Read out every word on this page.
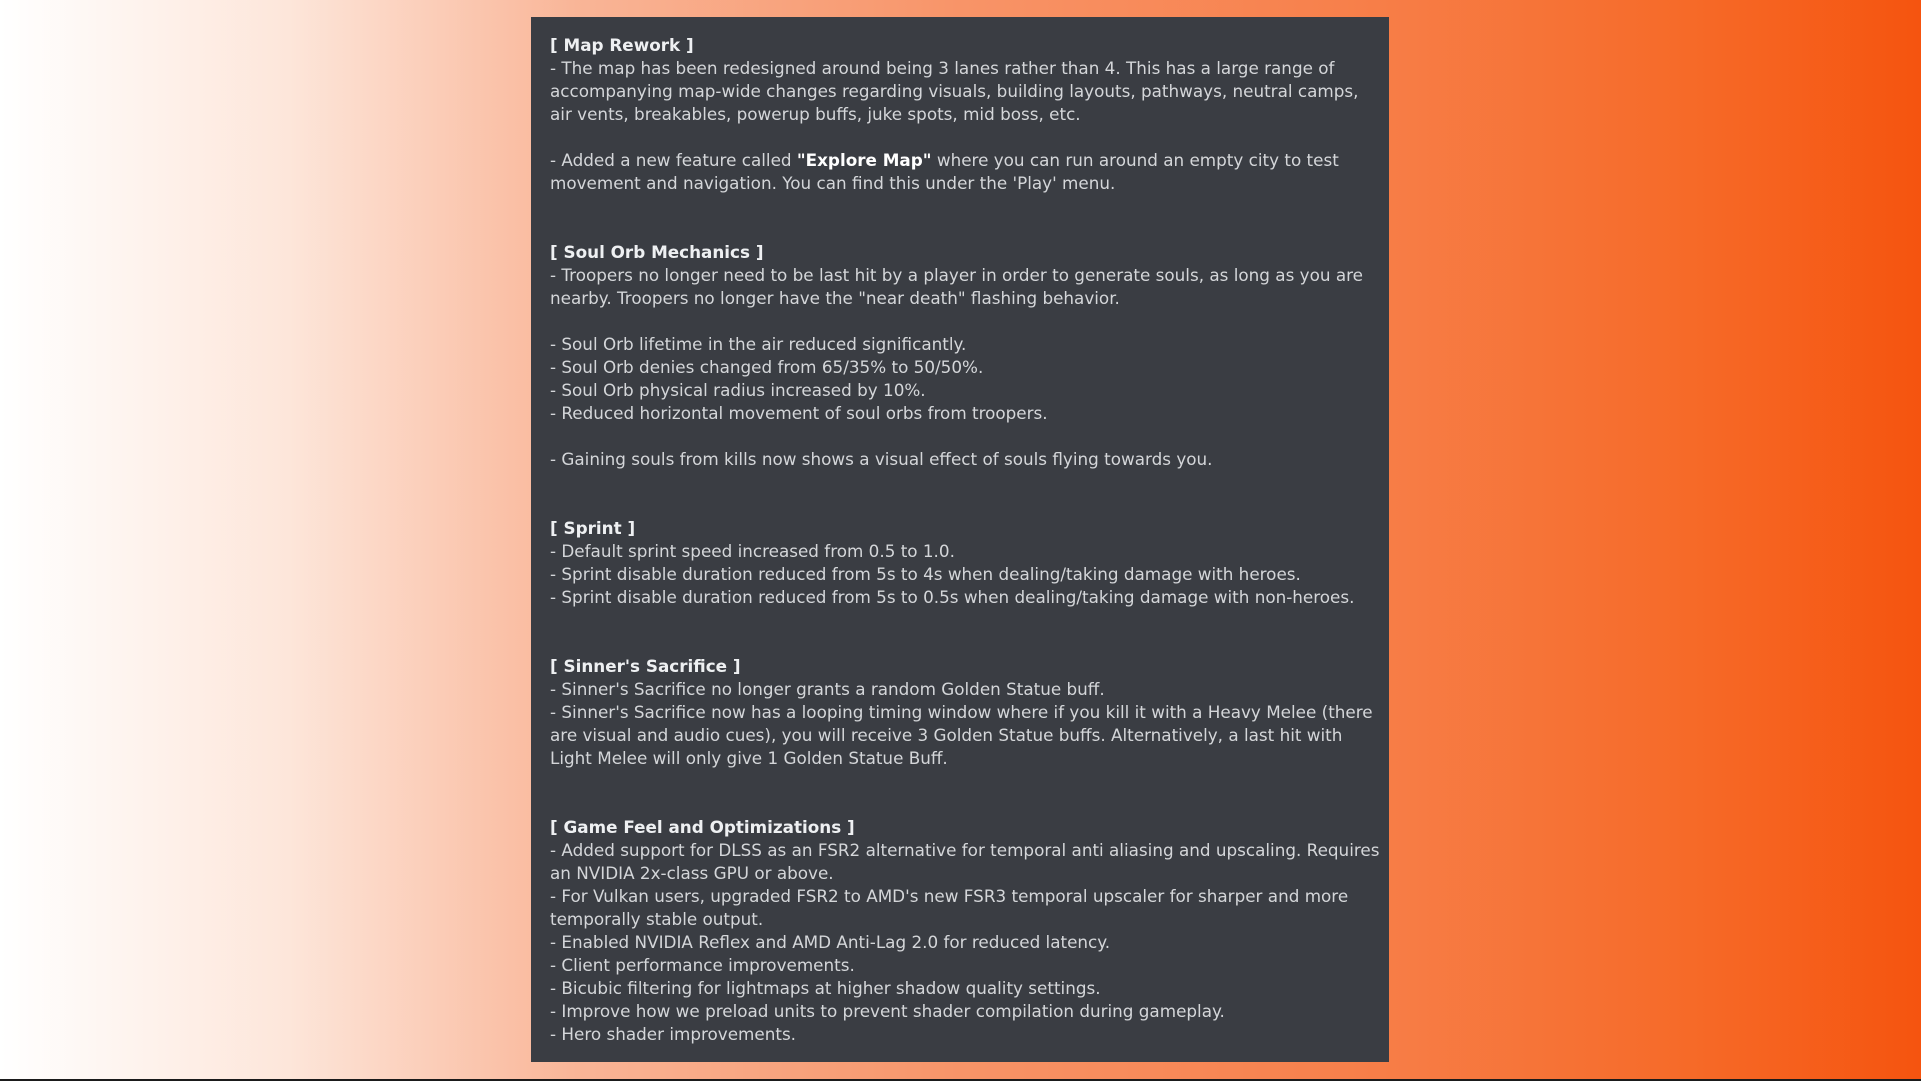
[ Map Rework ]

- The map has been redesigned around being 3 lanes rather than 4. This has a large range of accompanying map-wide changes regarding visuals, building layouts, pathways, neutral camps, air vents, breakables, powerup buffs, juke spots, mid boss, etc.

- Added a new feature called "Explore Map" where you can run around an empty city to test movement and navigation. You can find this under the 'Play' menu.

[ Soul Orb Mechanics ]

- Troopers no longer need to be last hit by a player in order to generate souls, as long as you are nearby. Troopers no longer have the "near death" flashing behavior.

- Soul Orb lifetime in the air reduced significantly.

- Soul Orb denies changed from 65/35% to 50/50%.

- Soul Orb physical radius increased by 10%.

- Reduced horizontal movement of soul orbs from troopers.

- Gaining souls from kills now shows a visual effect of souls flying towards you.

[ Sprint ]

- Default sprint speed increased from 0.5 to 1.0.

- Sprint disable duration reduced from 5s to 4s when dealing/taking damage with heroes.

- Sprint disable duration reduced from 5s to 0.5s when dealing/taking damage with non-heroes.

[ Sinner's Sacrifice ]

- Sinner's Sacrifice no longer grants a random Golden Statue buff.

- Sinner's Sacrifice now has a looping timing window where if you kill it with a Heavy Melee (there are visual and audio cues), you will receive 3 Golden Statue buffs. Alternatively, a last hit with Light Melee will only give 1 Golden Statue Buff.

[ Game Feel and Optimizations ]

- Added support for DLSS as an FSR2 alternative for temporal anti aliasing and upscaling. Requires an NVIDIA 2x-class GPU or above.

- For Vulkan users, upgraded FSR2 to AMD's new FSR3 temporal upscaler for sharper and more temporally stable output.

- Enabled NVIDIA Reflex and AMD Anti-Lag 2.0 for reduced latency.

- Client performance improvements.

- Bicubic filtering for lightmaps at higher shadow quality settings.

- Improve how we preload units to prevent shader compilation during gameplay.

- Hero shader improvements.
